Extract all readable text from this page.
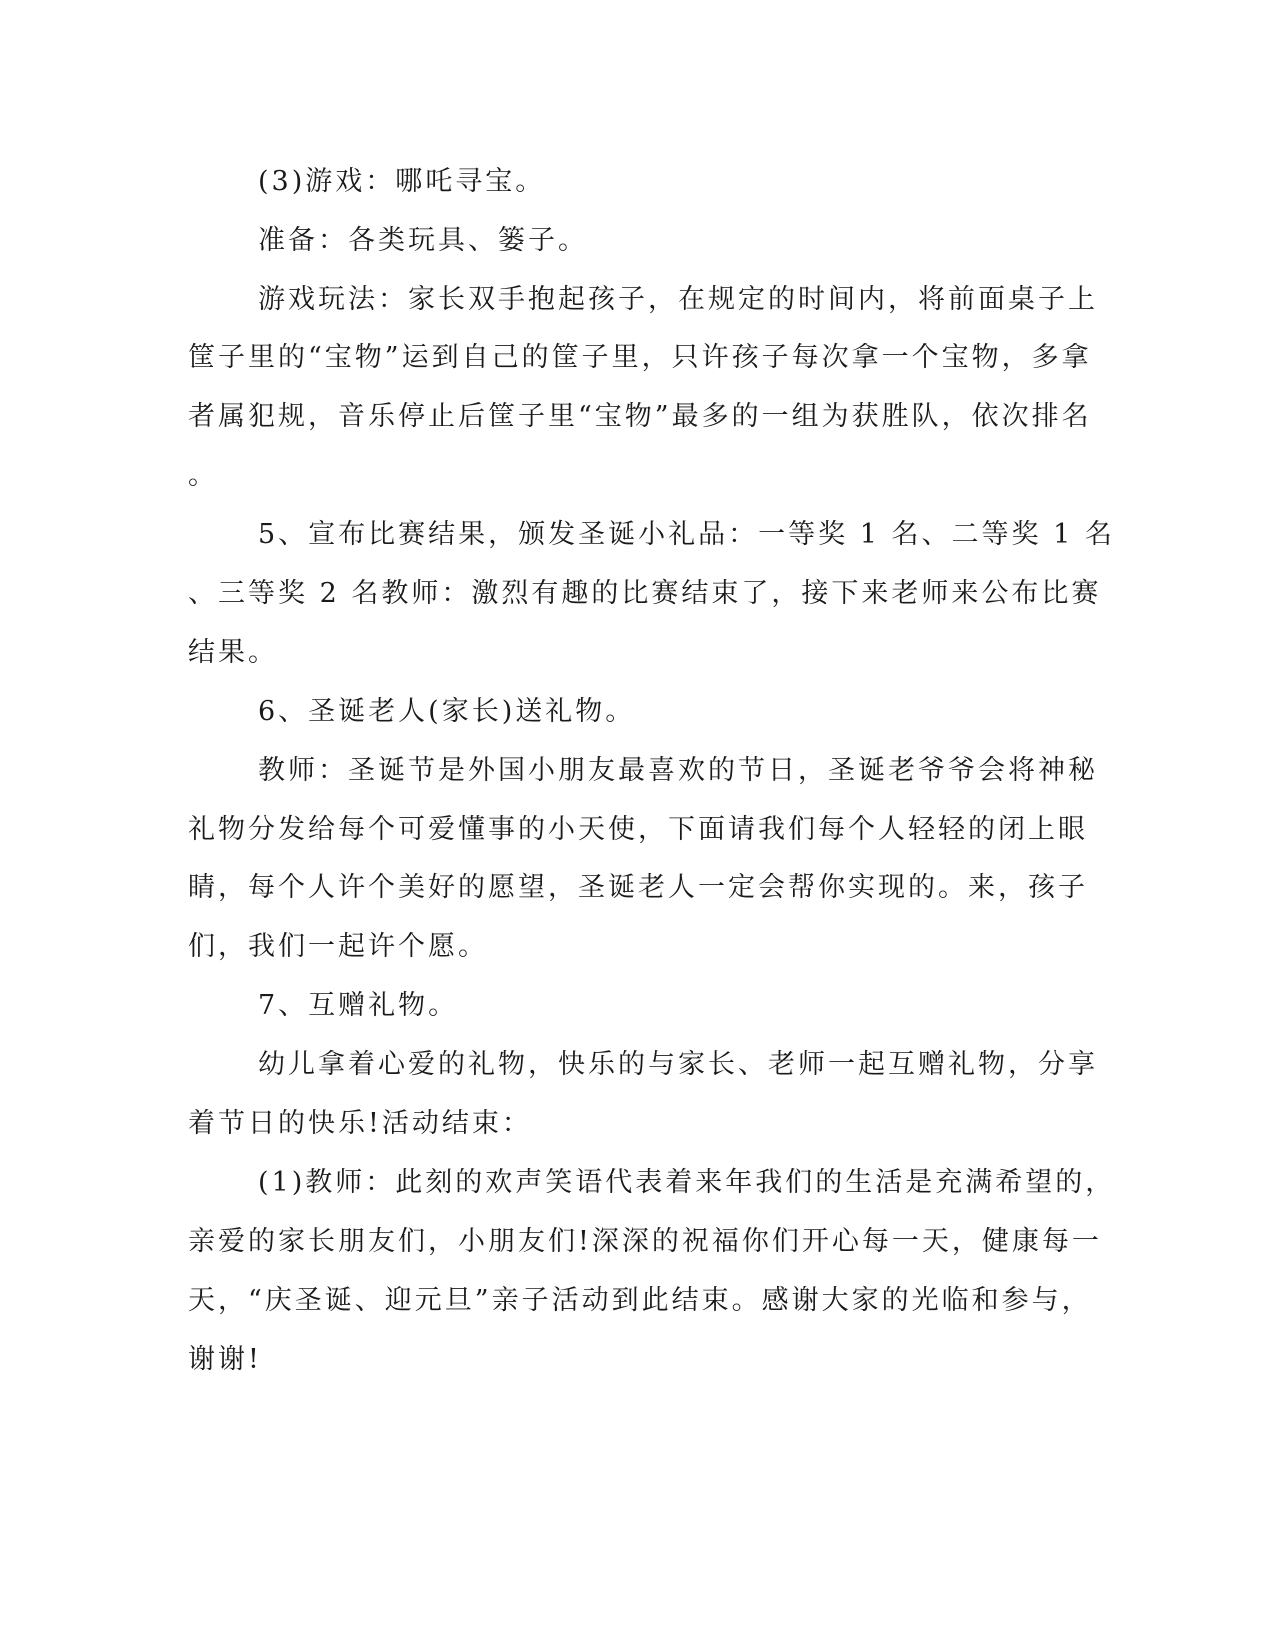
(3)游戏：哪吒寻宝。
准备：各类玩具、篓子。
游戏玩法：家长双手抱起孩子，在规定的时间内，将前面桌子上
筐子里的“宝物”运到自己的筐子里，只许孩子每次拿一个宝物，多拿
者属犯规，音乐停止后筐子里“宝物”最多的一组为获胜队，依次排名
。
5、宣布比赛结果，颁发圣诞小礼品：一等奖 1 名、二等奖 1 名
、三等奖 2 名教师：激烈有趣的比赛结束了，接下来老师来公布比赛
结果。
6、圣诞老人(家长)送礼物。
教师：圣诞节是外国小朋友最喜欢的节日，圣诞老爷爷会将神秘
礼物分发给每个可爱懂事的小天使，下面请我们每个人轻轻的闭上眼
睛，每个人许个美好的愿望，圣诞老人一定会帮你实现的。来，孩子
们，我们一起许个愿。
7、互赠礼物。
幼儿拿着心爱的礼物，快乐的与家长、老师一起互赠礼物，分享
着节日的快乐!活动结束：
(1)教师：此刻的欢声笑语代表着来年我们的生活是充满希望的，
亲爱的家长朋友们，小朋友们!深深的祝福你们开心每一天，健康每一
天，“庆圣诞、迎元旦”亲子活动到此结束。感谢大家的光临和参与，
谢谢!
